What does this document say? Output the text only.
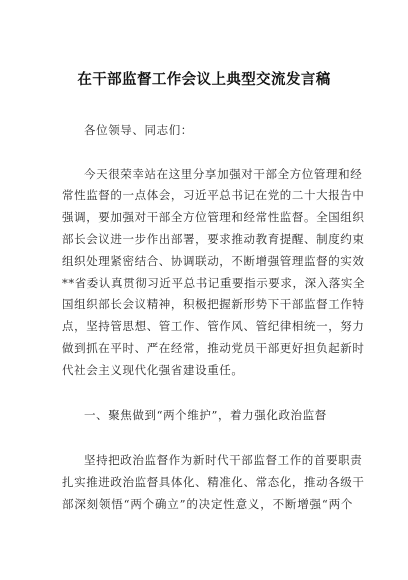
在干部监督工作会议上典型交流发言稿
各位领导、同志们：
今天很荣幸站在这里分享加强对干部全方位管理和经
常性监督的一点体会，习近平总书记在党的二十大报告中
强调，要加强对干部全方位管理和经常性监督。全国组织
部长会议进一步作出部署，要求推动教育提醒、制度约束
组织处理紧密结合、协调联动，不断增强管理监督的实效
**省委认真贯彻习近平总书记重要指示要求，深入落实全
国组织部长会议精神，积极把握新形势下干部监督工作特
点，坚持管思想、管工作、管作风、管纪律相统一，努力
做到抓在平时、严在经常，推动党员干部更好担负起新时
代社会主义现代化强省建设重任。
一、聚焦做到“两个维护”，着力强化政治监督
坚持把政治监督作为新时代干部监督工作的首要职责
扎实推进政治监督具体化、精准化、常态化，推动各级干
部深刻领悟“两个确立”的决定性意义，不断增强“两个
